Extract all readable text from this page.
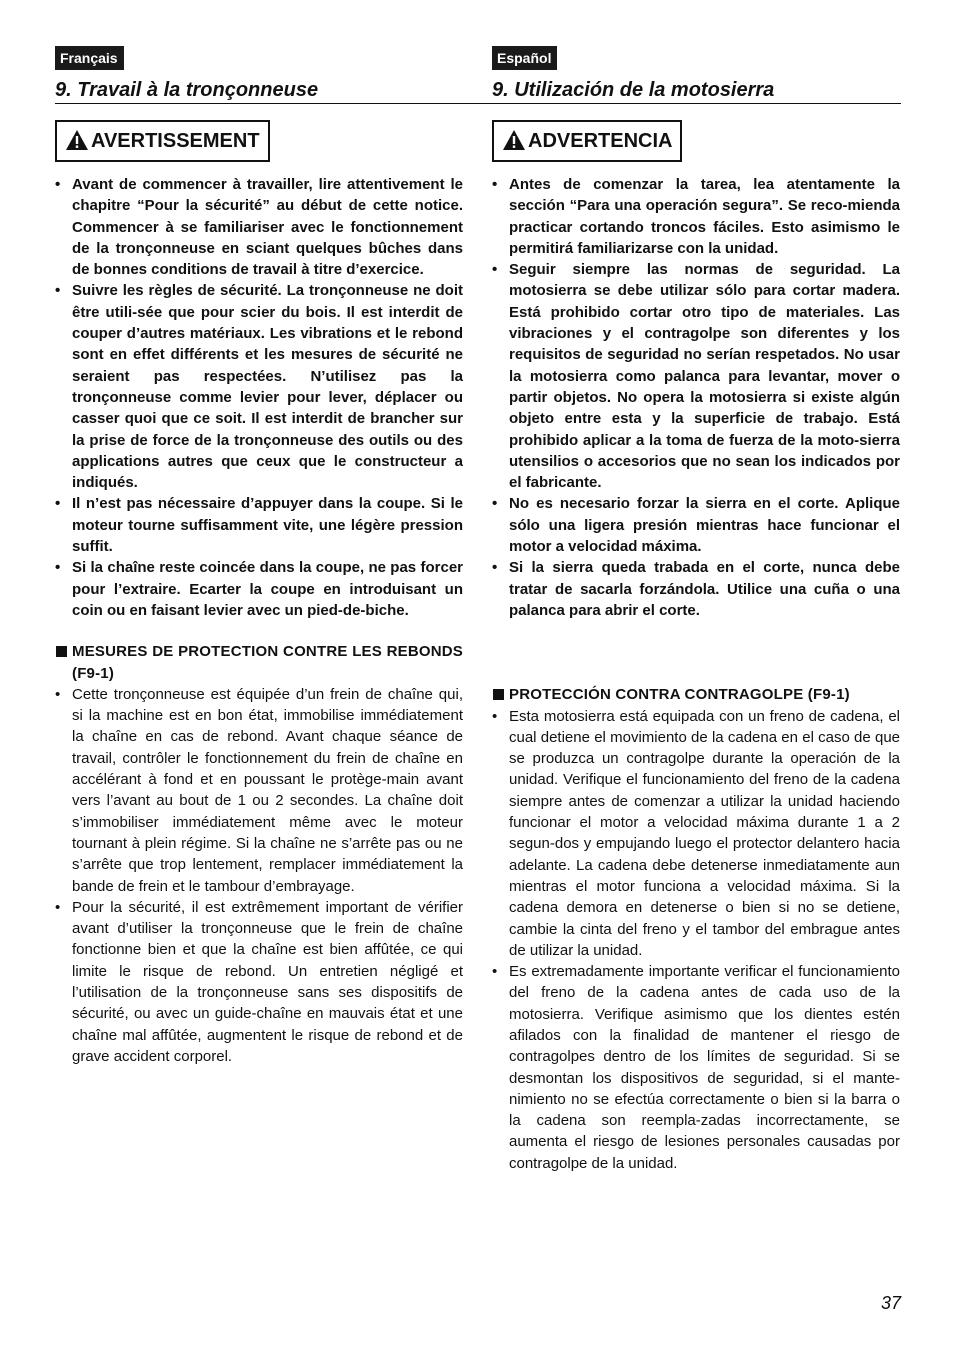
Français
9. Travail à la tronçonneuse
AVERTISSEMENT
• Avant de commencer à travailler, lire attentivement le chapitre “Pour la sécurité” au début de cette notice. Commencer à se familiariser avec le fonctionnement de la tronçonneuse en sciant quelques bûches dans de bonnes conditions de travail à titre d’exercice.
• Suivre les règles de sécurité. La tronçonneuse ne doit être utili-sée que pour scier du bois. Il est interdit de couper d’autres matériaux. Les vibrations et le rebond sont en effet différents et les mesures de sécurité ne seraient pas respectées. N’utilisez pas la tronçonneuse comme levier pour lever, déplacer ou casser quoi que ce soit. Il est interdit de brancher sur la prise de force de la tronçonneuse des outils ou des applications autres que ceux que le constructeur a indiqués.
• Il n’est pas nécessaire d’appuyer dans la coupe. Si le moteur tourne suffisamment vite, une légère pression suffit.
• Si la chaîne reste coincée dans la coupe, ne pas forcer pour l’extraire. Ecarter la coupe en introduisant un coin ou en faisant levier avec un pied-de-biche.
MESURES DE PROTECTION CONTRE LES REBONDS (F9-1)
• Cette tronçonneuse est équipée d’un frein de chaîne qui, si la machine est en bon état, immobilise immédiatement la chaîne en cas de rebond. Avant chaque séance de travail, contrôler le fonctionnement du frein de chaîne en accélérant à fond et en poussant le protège-main avant vers l’avant au bout de 1 ou 2 secondes. La chaîne doit s’immobiliser immédiatement même avec le moteur tournant à plein régime. Si la chaîne ne s’arrête pas ou ne s’arrête que trop lentement, remplacer immédiatement la bande de frein et le tambour d’embrayage.
• Pour la sécurité, il est extrêmement important de vérifier avant d’utiliser la tronçonneuse que le frein de chaîne fonctionne bien et que la chaîne est bien affûtée, ce qui limite le risque de rebond. Un entretien négligé et l’utilisation de la tronçonneuse sans ses dispositifs de sécurité, ou avec un guide-chaîne en mauvais état et une chaîne mal affûtée, augmentent le risque de rebond et de grave accident corporel.
Español
9. Utilización de la motosierra
ADVERTENCIA
• Antes de comenzar la tarea, lea atentamente la sección “Para una operación segura”. Se reco-mienda practicar cortando troncos fáciles. Esto asimismo le permitirá familiarizarse con la unidad.
• Seguir siempre las normas de seguridad. La motosierra se debe utilizar sólo para cortar madera. Está prohibido cortar otro tipo de materiales. Las vibraciones y el contragolpe son diferentes y los requisitos de seguridad no serían respetados. No usar la motosierra como palanca para levantar, mover o partir objetos. No opera la motosierra si existe algún objeto entre esta y la superficie de trabajo. Está prohibido aplicar a la toma de fuerza de la moto-sierra utensilios o accesorios que no sean los indicados por el fabricante.
• No es necesario forzar la sierra en el corte. Aplique sólo una ligera presión mientras hace funcionar el motor a velocidad máxima.
• Si la sierra queda trabada en el corte, nunca debe tratar de sacarla forzándola. Utilice una cuña o una palanca para abrir el corte.
PROTECCIÓN CONTRA CONTRAGOLPE (F9-1)
• Esta motosierra está equipada con un freno de cadena, el cual detiene el movimiento de la cadena en el caso de que se produzca un contragolpe durante la operación de la unidad. Verifique el funcionamiento del freno de la cadena siempre antes de comenzar a utilizar la unidad haciendo funcionar el motor a velocidad máxima durante 1 a 2 segun-dos y empujando luego el protector delantero hacia adelante. La cadena debe detenerse inmediatamente aun mientras el motor funciona a velocidad máxima. Si la cadena demora en detenerse o bien si no se detiene, cambie la cinta del freno y el tambor del embrague antes de utilizar la unidad.
• Es extremadamente importante verificar el funcionamiento del freno de la cadena antes de cada uso de la motosierra. Verifique asimismo que los dientes estén afilados con la finalidad de mantener el riesgo de contragolpes dentro de los límites de seguridad. Si se desmontan los dispositivos de seguridad, si el mante-nimiento no se efectúa correctamente o bien si la barra o la cadena son reempla-zadas incorrectamente, se aumenta el riesgo de lesiones personales causadas por contragolpe de la unidad.
37
